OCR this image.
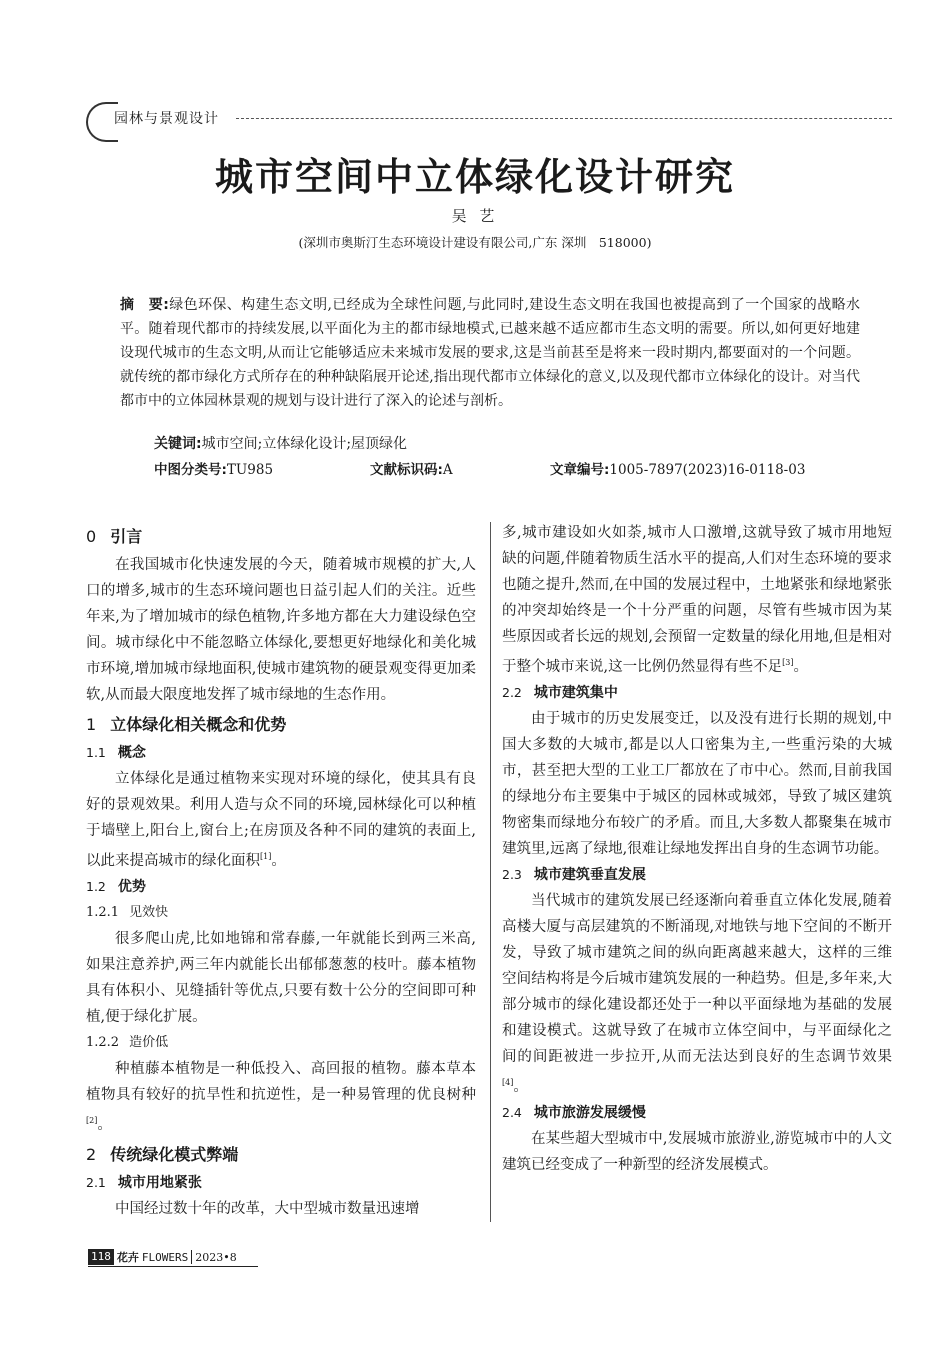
园林与景观设计
城市空间中立体绿化设计研究
吴 艺
(深圳市奥斯汀生态环境设计建设有限公司,广东 深圳　518000)
摘　要:绿色环保、构建生态文明,已经成为全球性问题,与此同时,建设生态文明在我国也被提高到了一个国家的战略水平。随着现代都市的持续发展,以平面化为主的都市绿地模式,已越来越不适应都市生态文明的需要。所以,如何更好地建设现代城市的生态文明,从而让它能够适应未来城市发展的要求,这是当前甚至是将来一段时期内,都要面对的一个问题。就传统的都市绿化方式所存在的种种缺陷展开论述,指出现代都市立体绿化的意义,以及现代都市立体绿化的设计。对当代都市中的立体园林景观的规划与设计进行了深入的论述与剖析。
关键词:城市空间;立体绿化设计;屋顶绿化
中图分类号:TU985	文献标识码:A	文章编号:1005-7897(2023)16-0118-03
0 引言

在我国城市化快速发展的今天，随着城市规模的扩大,人口的增多,城市的生态环境问题也日益引起人们的关注。近些年来,为了增加城市的绿色植物,许多地方都在大力建设绿色空间。城市绿化中不能忽略立体绿化,要想更好地绿化和美化城市环境,增加城市绿地面积,使城市建筑物的硬景观变得更加柔软,从而最大限度地发挥了城市绿地的生态作用。

1 立体绿化相关概念和优势
1.1 概念

立体绿化是通过植物来实现对环境的绿化，使其具有良好的景观效果。利用人造与众不同的环境,园林绿化可以种植于墙壁上,阳台上,窗台上;在房顶及各种不同的建筑的表面上,以此来提高城市的绿化面积[1]。

1.2 优势
1.2.1 见效快

很多爬山虎,比如地锦和常春藤,一年就能长到两三米高,如果注意养护,两三年内就能长出郁郁葱葱的枝叶。藤本植物具有体积小、见缝插针等优点,只要有数十公分的空间即可种植,便于绿化扩展。

1.2.2 造价低

种植藤本植物是一种低投入、高回报的植物。藤本草本植物具有较好的抗旱性和抗逆性，是一种易管理的优良树种[2]。

2 传统绿化模式弊端
2.1 城市用地紧张

中国经过数十年的改革，大中型城市数量迅速增

多,城市建设如火如荼,城市人口激增,这就导致了城市用地短缺的问题,伴随着物质生活水平的提高,人们对生态环境的要求也随之提升,然而,在中国的发展过程中，土地紧张和绿地紧张的冲突却始终是一个十分严重的问题，尽管有些城市因为某些原因或者长远的规划,会预留一定数量的绿化用地,但是相对于整个城市来说,这一比例仍然显得有些不足[3]。

2.2 城市建筑集中

由于城市的历史发展变迁，以及没有进行长期的规划,中国大多数的大城市,都是以人口密集为主,一些重污染的大城市，甚至把大型的工业工厂都放在了市中心。然而,目前我国的绿地分布主要集中于城区的园林或城郊，导致了城区建筑物密集而绿地分布较广的矛盾。而且,大多数人都聚集在城市建筑里,远离了绿地,很难让绿地发挥出自身的生态调节功能。

2.3 城市建筑垂直发展

当代城市的建筑发展已经逐渐向着垂直立体化发展,随着高楼大厦与高层建筑的不断涌现,对地铁与地下空间的不断开发，导致了城市建筑之间的纵向距离越来越大，这样的三维空间结构将是今后城市建筑发展的一种趋势。但是,多年来,大部分城市的绿化建设都还处于一种以平面绿地为基础的发展和建设模式。这就导致了在城市立体空间中，与平面绿化之间的间距被进一步拉开,从而无法达到良好的生态调节效果[4]。

2.4 城市旅游发展缓慢

在某些超大型城市中,发展城市旅游业,游览城市中的人文建筑已经变成了一种新型的经济发展模式。

118 花卉 FLOWERS 2023•8
